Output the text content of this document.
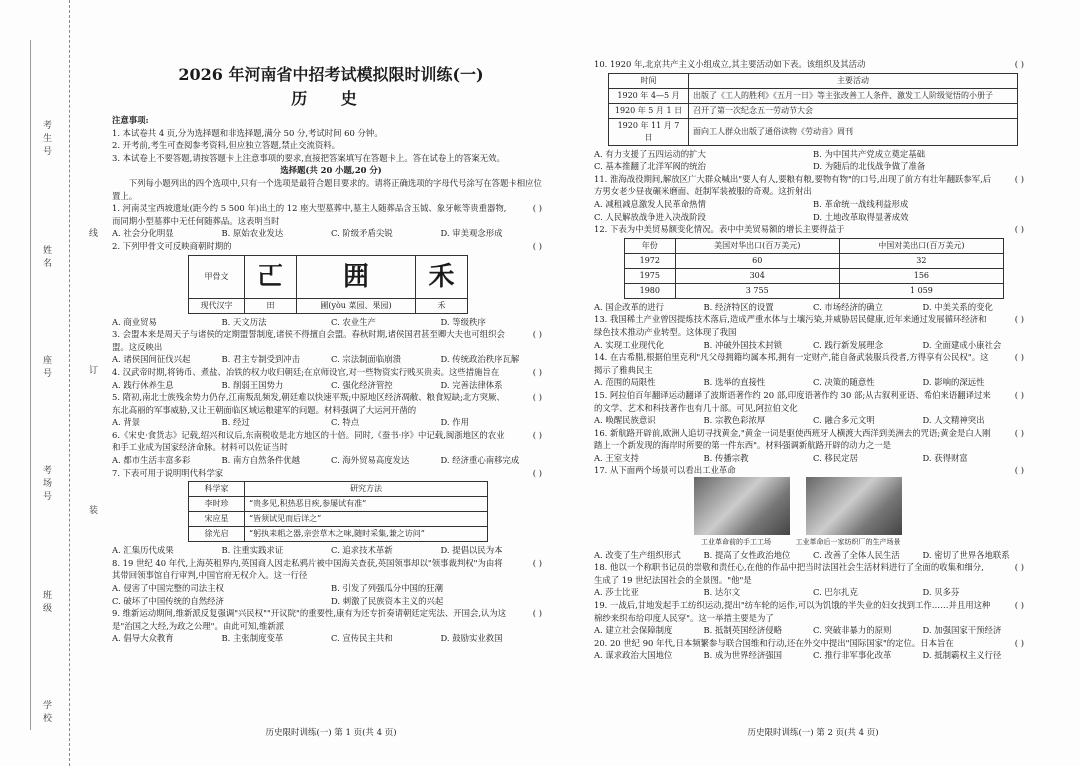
考生号
姓名
座号
考场号
班级
学校
线
订
装
2026 年河南省中招考试模拟限时训练(一)
历 史
注意事项:
1. 本试卷共 4 页,分为选择题和非选择题,满分 50 分,考试时间 60 分钟。
2. 开考前,考生可查阅参考资料,但应独立答题,禁止交流资料。
3. 本试卷上不要答题,请按答题卡上注意事项的要求,直接把答案填写在答题卡上。答在试卷上的答案无效。
选择题(共 20 小题,20 分)
下列每小题列出的四个选项中,只有一个选项是最符合题目要求的。请将正确选项的字母代号涂写在答题卡相应位置上。
1. 河南灵宝西坡遗址(距今约 5 500 年)出土的 12 座大型墓葬中,墓主人随葬品含玉钺、象牙帐等贵重器物,而同期小型墓葬中无任何随葬品。这表明当时
( )
A. 社会分化明显	B. 原始农业发达	C. 阶级矛盾尖锐	D. 审美观念形成
2. 下列甲骨文可反映商朝时期的	( )
甲骨文	𠀀	囲	禾
现代汉字	田	圃(yòu 菜园、果园)	禾
A. 商业贸易	B. 天文历法	C. 农业生产	D. 等级秩序
3. 会盟本来是周天子与诸侯的定期盟誓制度,诸侯不得擅自会盟。春秋时期,诸侯国君甚至卿大夫也可组织会盟。这反映出
( )
A. 诸侯国间征伐兴起	B. 君主专制受到冲击	C. 宗法制面临崩溃	D. 传统政治秩序瓦解
4. 汉武帝时期,将铸币、煮盐、冶铁的权力收归朝廷;在京师设官,对一些物资实行贱买贵卖。这些措施旨在	( )
A. 践行休养生息	B. 削弱王国势力	C. 强化经济管控	D. 完善法律体系
5. 隋初,南北士族残余势力仍存,江南叛乱频发,朝廷难以快速平叛;中原地区经济凋敝、粮食短缺;北方突厥、东北高丽的军事威胁,又让王朝面临区域运粮建军的问题。材料强调了大运河开凿的
( )
A. 背景	B. 经过	C. 特点	D. 作用
6.《宋史·食货志》记载,绍兴和议后,东南税收是北方地区的十倍。同时,《蚕书·序》中记载,闽浙地区的农业和手工业成为国家经济命脉。材料可以佐证当时
( )
A. 都市生活丰富多彩	B. 南方自然条件优越	C. 海外贸易高度发达	D. 经济重心南移完成
7. 下表可用于说明明代科学家	( )
科学家	研究方法
李时珍	“贵多见,积热恶目疾,参屡试有准”
宋应星	“皆须试见而后详之”
徐光启	“躬执耒耜之器,亲尝草木之味,随时采集,兼之访问”
A. 汇集历代成果	B. 注重实践求证	C. 追求技术革新	D. 提倡以民为本
8. 19 世纪 40 年代,上海英租界内,英国商人因走私鸦片被中国海关查获,英国领事却以"领事裁判权"为由将其带回领事馆自行审判,中国官府无权介入。这一行径
( )
A. 侵害了中国完整的司法主权	B. 引发了列强瓜分中国的狂潮
C. 破坏了中国传统的自然经济	D. 刺激了民族资本主义的兴起
9. 维新运动期间,维新派反复强调"兴民权""开议院"的重要性,康有为还专折奏请朝廷定宪法、开国会,认为这是"治国之大经,为政之公理"。由此可知,维新派
( )
A. 倡导大众教育	B. 主张制度变革	C. 宣传民主共和	D. 鼓励实业救国
历史限时训练(一) 第 1 页(共 4 页)
10. 1920 年,北京共产主义小组成立,其主要活动如下表。该组织及其活动	( )
时间	主要活动
1920 年 4—5 月	出版了《工人的胜利》《五月一日》等主张改善工人条件、激发工人阶级觉悟的小册子
1920 年 5 月 1 日	召开了第一次纪念五一劳动节大会
1920 年 11 月 7 日	面向工人群众出版了通俗读物《劳动音》周刊
A. 有力支援了五四运动的扩大	B. 为中国共产党成立奠定基础
C. 基本推翻了北洋军阀的统治	D. 为随后的北伐战争做了准备
11. 淮海战役期间,解放区广大群众喊出"要人有人,要粮有粮,要物有物"的口号,出现了前方有壮年翻跃参军,后方男女老少昼夜碾米磨面、赶制军装被服的奇观。这折射出
( )
A. 减租减息激发人民革命热情	B. 革命统一战线利益形成
C. 人民解放战争进入决战阶段	D. 土地改革取得显著成效
12. 下表为中美贸易额变化情况。表中中美贸易额的增长主要得益于	( )
年份	美国对华出口(百万美元)	中国对美出口(百万美元)
1972	60	32
1975	304	156
1980	3 755	1 059
A. 国企改革的进行	B. 经济特区的设置	C. 市场经济的确立	D. 中美关系的变化
13. 我国稀土产业曾因提炼技术落后,造成严重水体与土壤污染,并威胁居民健康,近年来通过发展循环经济和绿色技术推动产业转型。这体现了我国
( )
A. 实现工业现代化	B. 冲破外国技术封锁	C. 践行新发展理念	D. 全面建成小康社会
14. 在古希腊,根据伯里克利"凡父母拥籍均属本邦,拥有一定财产,能自备武装服兵役者,方得享有公民权"。这揭示了雅典民主
( )
A. 范围的局限性	B. 选举的直接性	C. 决策的随意性	D. 影响的深远性
15. 阿拉伯百年翻译运动翻译了波斯语著作约 20 部,印度语著作约 30 部;从古叙利亚语、希伯来语翻译过来的文学、艺术和科技著作也有几十部。可见,阿拉伯文化
( )
A. 唤醒民族意识	B. 宗教色彩浓厚	C. 融合多元文明	D. 人文精神突出
16. 新航路开辟前,欧洲人追切寻找黄金,"黄金一词是驱使西班牙人横渡大西洋到美洲去的咒语;黄金是白人刚踏上一个新发现的海岸时所要的第一件东西"。材料强调新航路开辟的动力之一是
( )
A. 王室支持	B. 传播宗教	C. 移民定居	D. 获得财富
17. 从下面两个场景可以看出工业革命	( )
工业革命前的手工工场	工业革命后一家纺织厂的生产场景
A. 改变了生产组织形式	B. 提高了女性政治地位	C. 改善了全体人民生活	D. 密切了世界各地联系
18. 他以一个称职书记员的崇敬和责任心,在他的作品中把当时法国社会生活材料进行了全面的收集和细分,生成了 19 世纪法国社会的全景图。"他"是
( )
A. 莎士比亚	B. 达尔文	C. 巴尔扎克	D. 贝多芬
19. 一战后,甘地发起手工纺织运动,提出"纺车轮的运作,可以为饥饿的半失业的妇女找到工作……并且用这种棉纱来织布给印度人民穿"。这一举措主要是为了
( )
A. 建立社会保障制度	B. 抵制英国经济侵略	C. 突破非暴力的原则	D. 加强国家干预经济
20. 20 世纪 90 年代,日本频繁参与联合国维和行动,还在外交中提出"国际国家"的定位。日本旨在	( )
A. 谋求政治大国地位	B. 成为世界经济强国	C. 推行非军事化改革	D. 抵制霸权主义行径
历史限时训练(一) 第 2 页(共 4 页)
